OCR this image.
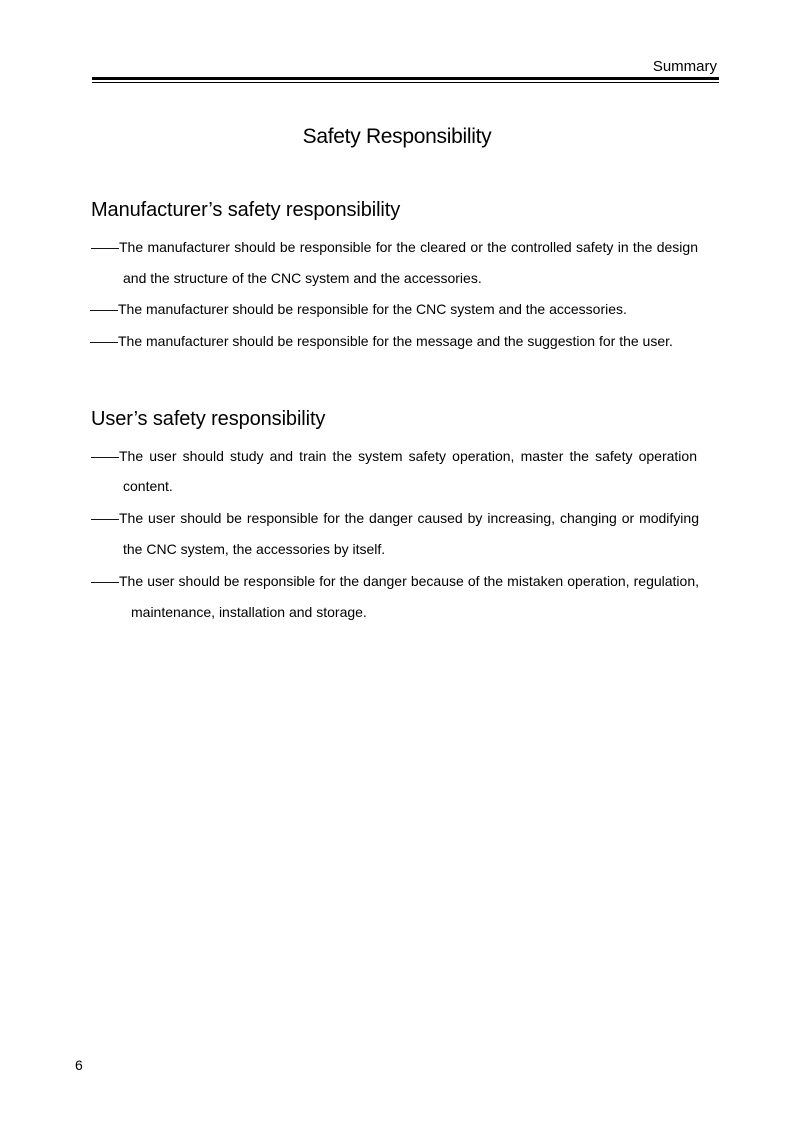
Summary
Safety Responsibility
Manufacturer’s safety responsibility
——The manufacturer should be responsible for the cleared or the controlled safety in the design
and the structure of the CNC system and the accessories.
——The manufacturer should be responsible for the CNC system and the accessories.
——The manufacturer should be responsible for the message and the suggestion for the user.
User’s safety responsibility
——The user should study and train the system safety operation, master the safety operation
content.
——The user should be responsible for the danger caused by increasing, changing or modifying
the CNC system, the accessories by itself.
——The user should be responsible for the danger because of the mistaken operation, regulation,
maintenance, installation and storage.
6
